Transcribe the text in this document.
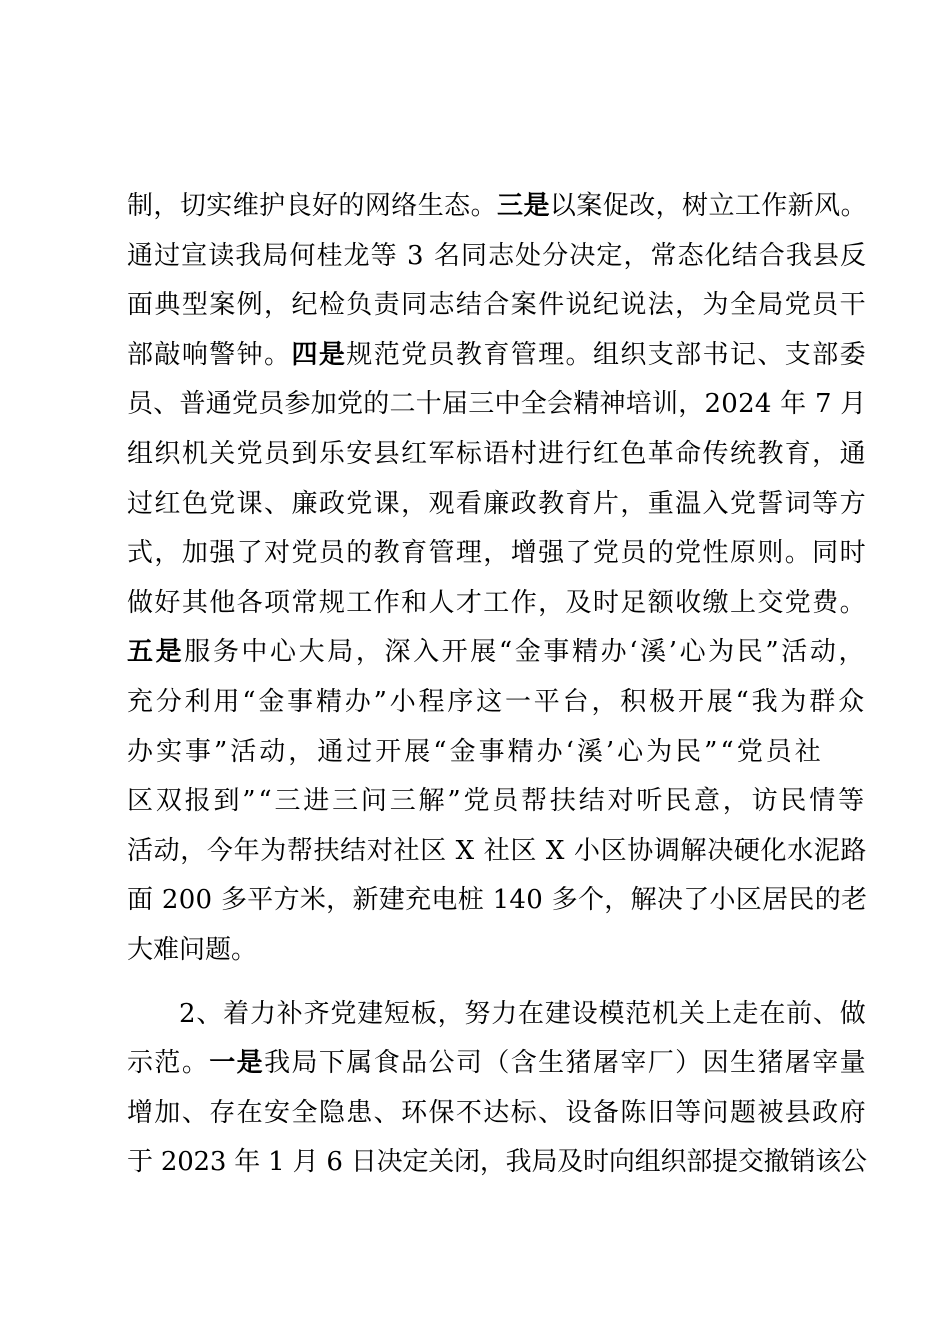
制，切实维护良好的网络生态。三是以案促改，树立工作新风。
通过宣读我局何桂龙等 3 名同志处分决定，常态化结合我县反
面典型案例，纪检负责同志结合案件说纪说法，为全局党员干
部敲响警钟。四是规范党员教育管理。组织支部书记、支部委
员、普通党员参加党的二十届三中全会精神培训，2024 年 7 月
组织机关党员到乐安县红军标语村进行红色革命传统教育，通
过红色党课、廉政党课，观看廉政教育片，重温入党誓词等方
式，加强了对党员的教育管理，增强了党员的党性原则。同时
做好其他各项常规工作和人才工作，及时足额收缴上交党费。
五是服务中心大局，深入开展“金事精办‘溪’心为民”活动，
充分利用“金事精办”小程序这一平台，积极开展“我为群众
办实事”活动，通过开展“金事精办‘溪’心为民”“党员社
区双报到”“三进三问三解”党员帮扶结对听民意，访民情等
活动，今年为帮扶结对社区 X 社区 X 小区协调解决硬化水泥路
面 200 多平方米，新建充电桩 140 多个，解决了小区居民的老
大难问题。
2、着力补齐党建短板，努力在建设模范机关上走在前、做
示范。一是我局下属食品公司（含生猪屠宰厂）因生猪屠宰量
增加、存在安全隐患、环保不达标、设备陈旧等问题被县政府
于 2023 年 1 月 6 日决定关闭，我局及时向组织部提交撤销该公
